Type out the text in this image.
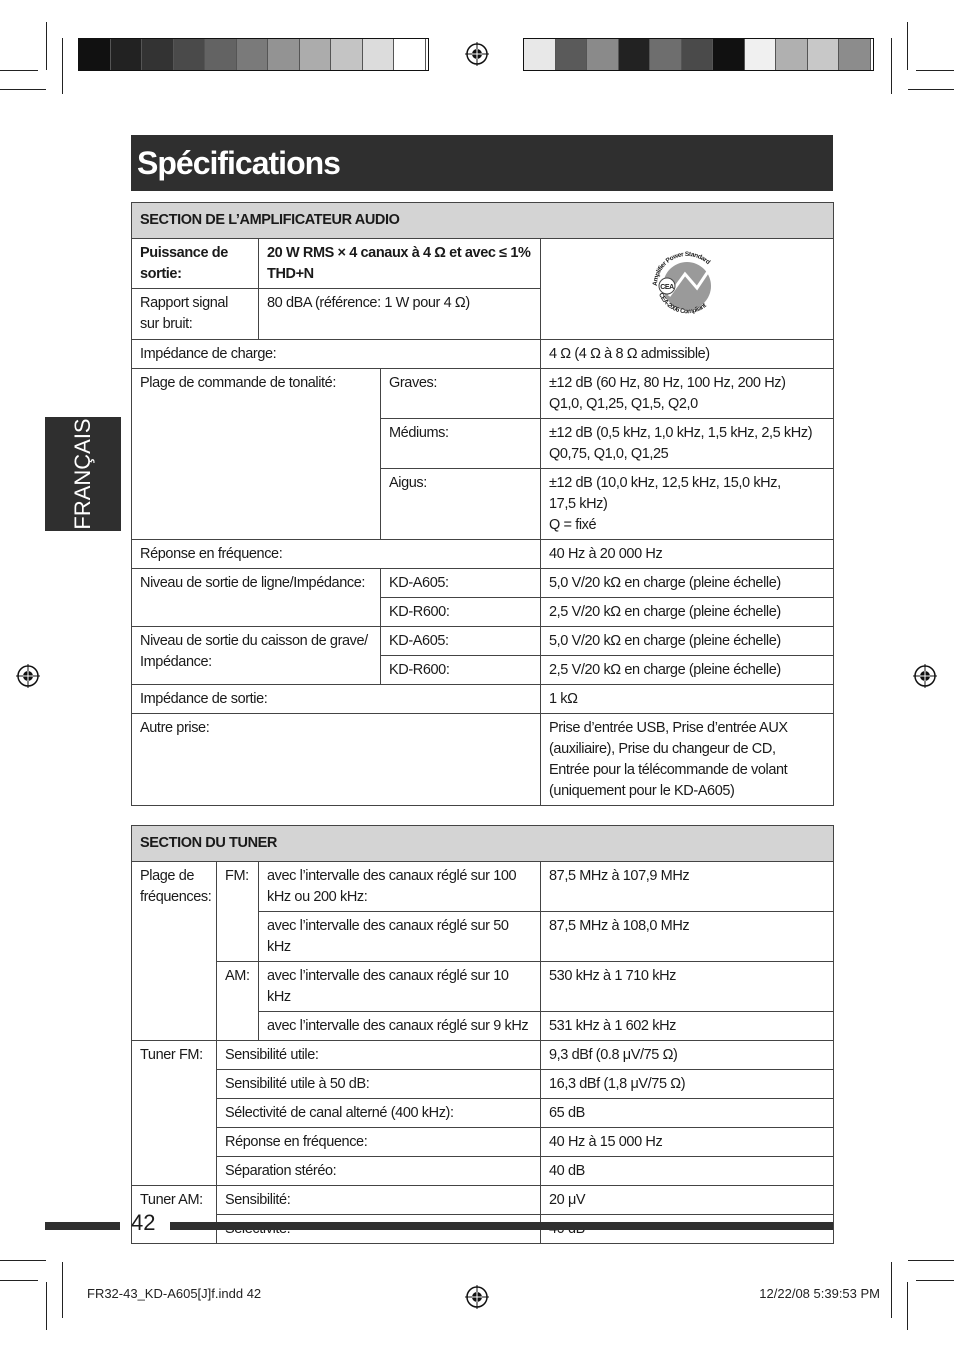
Spécifications
FRANÇAIS
SECTION DE L’AMPLIFICATEUR AUDIO			
Puissance de sortie:	20 W RMS × 4 canaux à 4 Ω et avec ≤ 1% THD+N		CEA
Amplifier Power Standard
CEA-2006 Compliant

Rapport signal sur bruit:	80 dBA (référence: 1 W pour 4 Ω)		
Impédance de charge:			4 Ω (4 Ω à 8 Ω admissible)
Plage de commande de tonalité:		Graves:	±12 dB (60 Hz, 80 Hz, 100 Hz, 200 Hz)
Q1,0, Q1,25, Q1,5, Q2,0

		Médiums:	±12 dB (0,5 kHz, 1,0 kHz, 1,5 kHz, 2,5 kHz)
Q0,75, Q1,0, Q1,25

		Aigus:	±12 dB (10,0 kHz, 12,5 kHz, 15,0 kHz,
17,5 kHz)
Q = fixé

Réponse en fréquence:			40 Hz à 20 000 Hz
Niveau de sortie de ligne/Impédance:		KD-A605:	5,0 V/20 kΩ en charge (pleine échelle)
		KD-R600:	2,5 V/20 kΩ en charge (pleine échelle)
Niveau de sortie du caisson de grave/ Impédance:		KD-A605:	5,0 V/20 kΩ en charge (pleine échelle)
		KD-R600:	2,5 V/20 kΩ en charge (pleine échelle)
Impédance de sortie:			1 kΩ
Autre prise:			Prise d’entrée USB, Prise d’entrée AUX
(auxiliaire), Prise du changeur de CD,
Entrée pour la télécommande de volant
(uniquement pour le KD-A605)
SECTION DU TUNER			
Plage de fréquences:	FM:	avec l’intervalle des canaux réglé sur 100 kHz ou 200 kHz:	87,5 MHz à 107,9 MHz
		avec l’intervalle des canaux réglé sur 50 kHz	87,5 MHz à 108,0 MHz
	AM:	avec l’intervalle des canaux réglé sur 10 kHz	530 kHz à 1 710 kHz
		avec l’intervalle des canaux réglé sur 9 kHz	531 kHz à 1 602 kHz
Tuner FM:	Sensibilité utile:		9,3 dBf (0.8 μV/75 Ω)
	Sensibilité utile à 50 dB:		16,3 dBf (1,8 μV/75 Ω)
	Sélectivité de canal alterné (400 kHz):		65 dB
	Réponse en fréquence:		40 Hz à 15 000 Hz
	Séparation stéréo:		40 dB
Tuner AM:	Sensibilité:		20 μV

42
FR32-43_KD-A605[J]f.indd 42	12/22/08 5:39:53 PM
